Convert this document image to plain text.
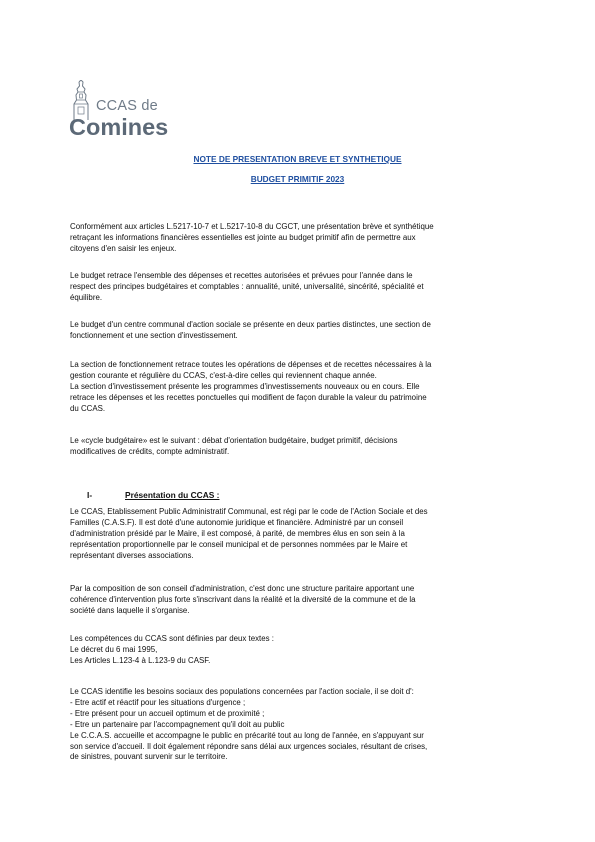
CCAS de
Comines
NOTE DE PRESENTATION BREVE ET SYNTHETIQUE
BUDGET PRIMITIF 2023
Conformément aux articles L.5217-10-7 et L.5217-10-8 du CGCT, une présentation brève et synthétique
retraçant les informations financières essentielles est jointe au budget primitif afin de permettre aux
citoyens d'en saisir les enjeux.
Le budget retrace l'ensemble des dépenses et recettes autorisées et prévues pour l'année dans le
respect des principes budgétaires et comptables : annualité, unité, universalité, sincérité, spécialité et
équilibre.
Le budget d'un centre communal d'action sociale se présente en deux parties distinctes, une section de
fonctionnement et une section d'investissement.
La section de fonctionnement retrace toutes les opérations de dépenses et de recettes nécessaires à la
gestion courante et régulière du CCAS, c'est-à-dire celles qui reviennent chaque année.
La section d'investissement présente les programmes d'investissements nouveaux ou en cours. Elle
retrace les dépenses et les recettes ponctuelles qui modifient de façon durable la valeur du patrimoine
du CCAS.
Le «cycle budgétaire» est le suivant : débat d'orientation budgétaire, budget primitif, décisions
modificatives de crédits, compte administratif.
I-	Présentation du CCAS :
Le CCAS, Etablissement Public Administratif Communal, est régi par le code de l'Action Sociale et des
Familles (C.A.S.F). Il est doté d'une autonomie juridique et financière. Administré par un conseil
d'administration présidé par le Maire, il est composé, à parité, de membres élus en son sein à la
représentation proportionnelle par le conseil municipal et de personnes nommées par le Maire et
représentant diverses associations.
Par la composition de son conseil d'administration, c'est donc une structure paritaire apportant une
cohérence d'intervention plus forte s'inscrivant dans la réalité et la diversité de la commune et de la
société dans laquelle il s'organise.
Les compétences du CCAS sont définies par deux textes :
Le décret du 6 mai 1995,
Les Articles L.123-4 à L.123-9 du CASF.
Le CCAS identifie les besoins sociaux des populations concernées par l'action sociale, il se doit d':
- Etre actif et réactif pour les situations d'urgence ;
- Etre présent pour un accueil optimum et de proximité ;
- Etre un partenaire par l'accompagnement qu'il doit au public
Le C.C.A.S. accueille et accompagne le public en précarité tout au long de l'année, en s'appuyant sur
son service d'accueil. Il doit également répondre sans délai aux urgences sociales, résultant de crises,
de sinistres, pouvant survenir sur le territoire.
